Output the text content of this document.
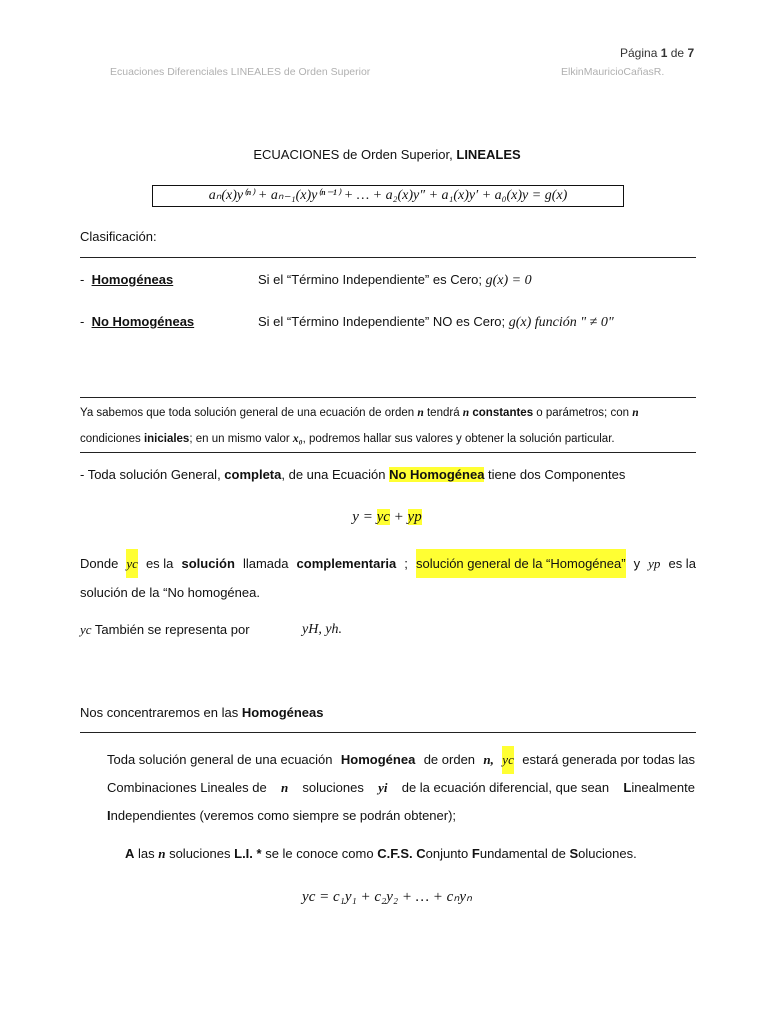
Página 1 de 7
Ecuaciones Diferenciales LINEALES de Orden Superior	ElkinMauricioCañasR.
ECUACIONES de Orden Superior, LINEALES
aₙ(x)y⁽ⁿ⁾ + aₙ₋₁(x)y⁽ⁿ⁻¹⁾ + … + a₂(x)y″ + a₁(x)y′ + a₀(x)y = g(x)
Clasificación:
- Homogéneas	Si el “Término Independiente” es Cero; g(x) = 0
- No Homogéneas	Si el “Término Independiente” NO es Cero; g(x) función " ≠ 0"
Ya sabemos que toda solución general de una ecuación de orden n tendrá n constantes o parámetros; con n
condiciones iniciales; en un mismo valor x₀, podremos hallar sus valores y obtener la solución particular.
- Toda solución General, completa, de una Ecuación No Homogénea tiene dos Componentes
y = yc + yp
Donde yc es la solución llamada complementaria ; solución general de la “Homogénea” y yp es la
solución de la “No homogénea.
yc También se representa por	yH, yh.
Nos concentraremos en las Homogéneas
Toda solución general de una ecuación Homogénea de orden n, yc estará generada por todas las
Combinaciones Lineales de n soluciones yi de la ecuación diferencial, que sean Linealmente
Independientes (veremos como siempre se podrán obtener);
A las n soluciones L.I. * se le conoce como C.F.S. Conjunto Fundamental de Soluciones.
yc = c₁y₁ + c₂y₂ + … + cₙyₙ
